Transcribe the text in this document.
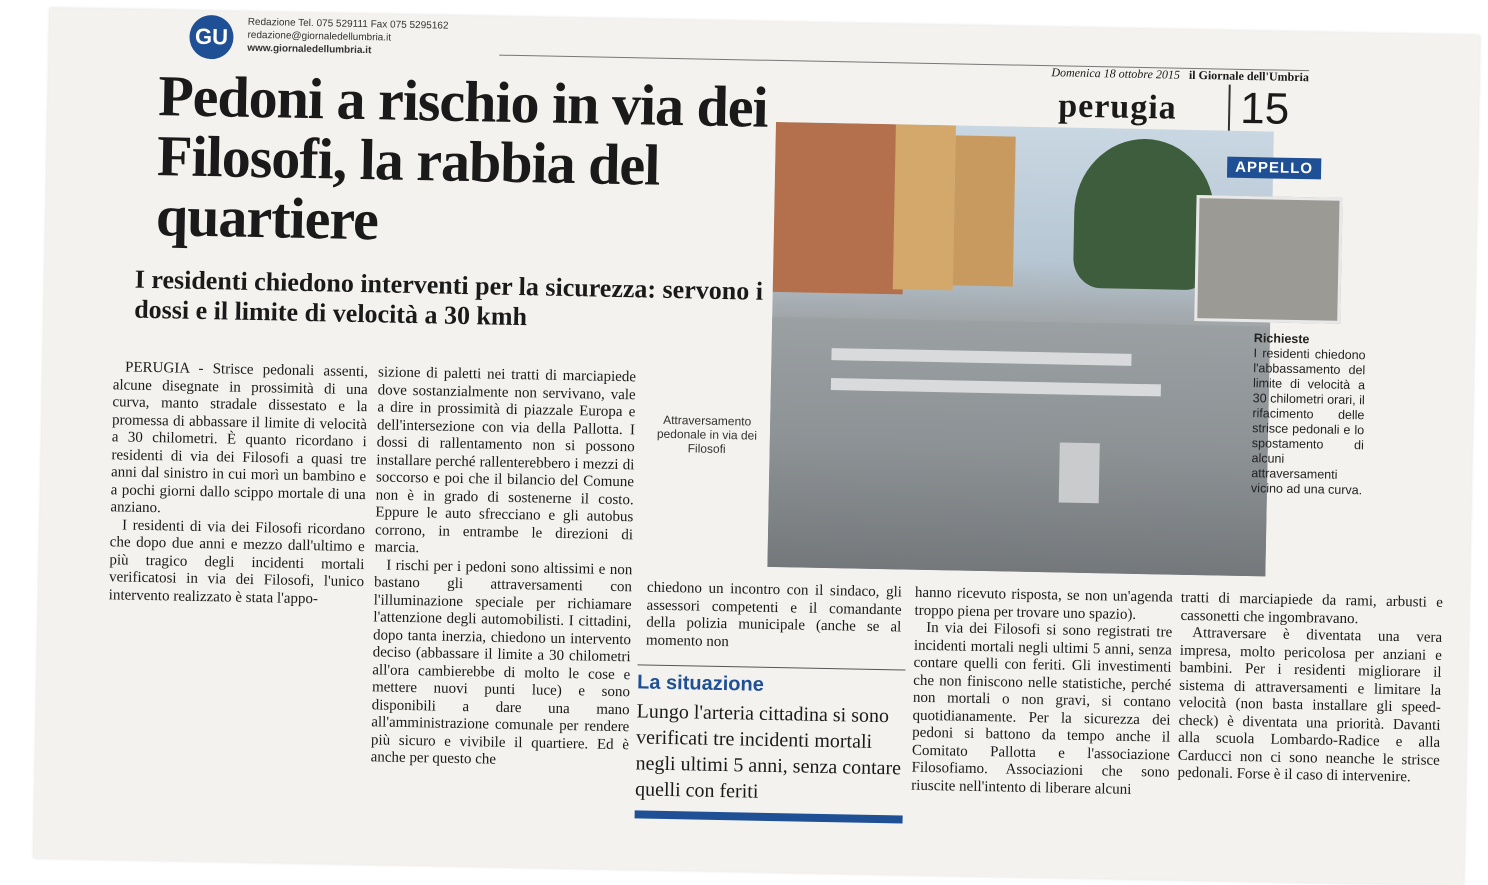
GU	Redazione Tel. 075 529111 Fax 075 5295162
redazione@giornaledellumbria.it
www.giornaledellumbria.it
Domenica 18 ottobre 2015 il Giornale dell'Umbria
perugia 15
Pedoni a rischio in via dei Filosofi, la rabbia del quartiere
I residenti chiedono interventi per la sicurezza: servono i dossi e il limite di velocità a 30 kmh

PERUGIA - Strisce pedonali assenti, alcune disegnate in prossimità di una curva, manto stradale dissestato e la promessa di abbassare il limite di velocità a 30 chilometri. È quanto ricordano i residenti di via dei Filosofi a quasi tre anni dal sinistro in cui morì un bambino e a pochi giorni dallo scippo mortale di una anziano.

I residenti di via dei Filosofi ricordano che dopo due anni e mezzo dall'ultimo e più tragico degli incidenti mortali verificatosi in via dei Filosofi, l'unico intervento realizzato è stata l'appo-

sizione di paletti nei tratti di marciapiede dove sostanzialmente non servivano, vale a dire in prossimità di piazzale Europa e dell'intersezione con via della Pallotta. I dossi di rallentamento non si possono installare perché rallenterebbero i mezzi di soccorso e poi che il bilancio del Comune non è in grado di sostenerne il costo. Eppure le auto sfrecciano e gli autobus corrono, in entrambe le direzioni di marcia.

I rischi per i pedoni sono altissimi e non bastano gli attraversamenti con l'illuminazione speciale per richiamare l'attenzione degli automobilisti. I cittadini, dopo tanta inerzia, chiedono un intervento deciso (abbassare il limite a 30 chilometri all'ora cambierebbe di molto le cose e mettere nuovi punti luce) e sono disponibili a dare una mano all'amministrazione comunale per rendere più sicuro e vivibile il quartiere. Ed è anche per questo che

Attraversamento pedonale in via dei Filosofi
APPELLO
Richieste
I residenti chiedono l'abbassamento del limite di velocità a 30 chilometri orari, il rifacimento delle strisce pedonali e lo spostamento di alcuni attraversamenti vicino ad una curva.

chiedono un incontro con il sindaco, gli assessori competenti e il comandante della polizia municipale (anche se al momento non

La situazione
Lungo l'arteria cittadina si sono verificati tre incidenti mortali negli ultimi 5 anni, senza contare quelli con feriti

hanno ricevuto risposta, se non un'agenda troppo piena per trovare uno spazio).

In via dei Filosofi si sono registrati tre incidenti mortali negli ultimi 5 anni, senza contare quelli con feriti. Gli investimenti che non finiscono nelle statistiche, perché non mortali o non gravi, si contano quotidianamente. Per la sicurezza dei pedoni si battono da tempo anche il Comitato Pallotta e l'associazione Filosofiamo. Associazioni che sono riuscite nell'intento di liberare alcuni

tratti di marciapiede da rami, arbusti e cassonetti che ingombravano.

Attraversare è diventata una vera impresa, molto pericolosa per anziani e bambini. Per i residenti migliorare il sistema di attraversamenti e limitare la velocità (non basta installare gli speed-check) è diventata una priorità. Davanti alla scuola Lombardo-Radice e alla Carducci non ci sono neanche le strisce pedonali. Forse è il caso di intervenire.
